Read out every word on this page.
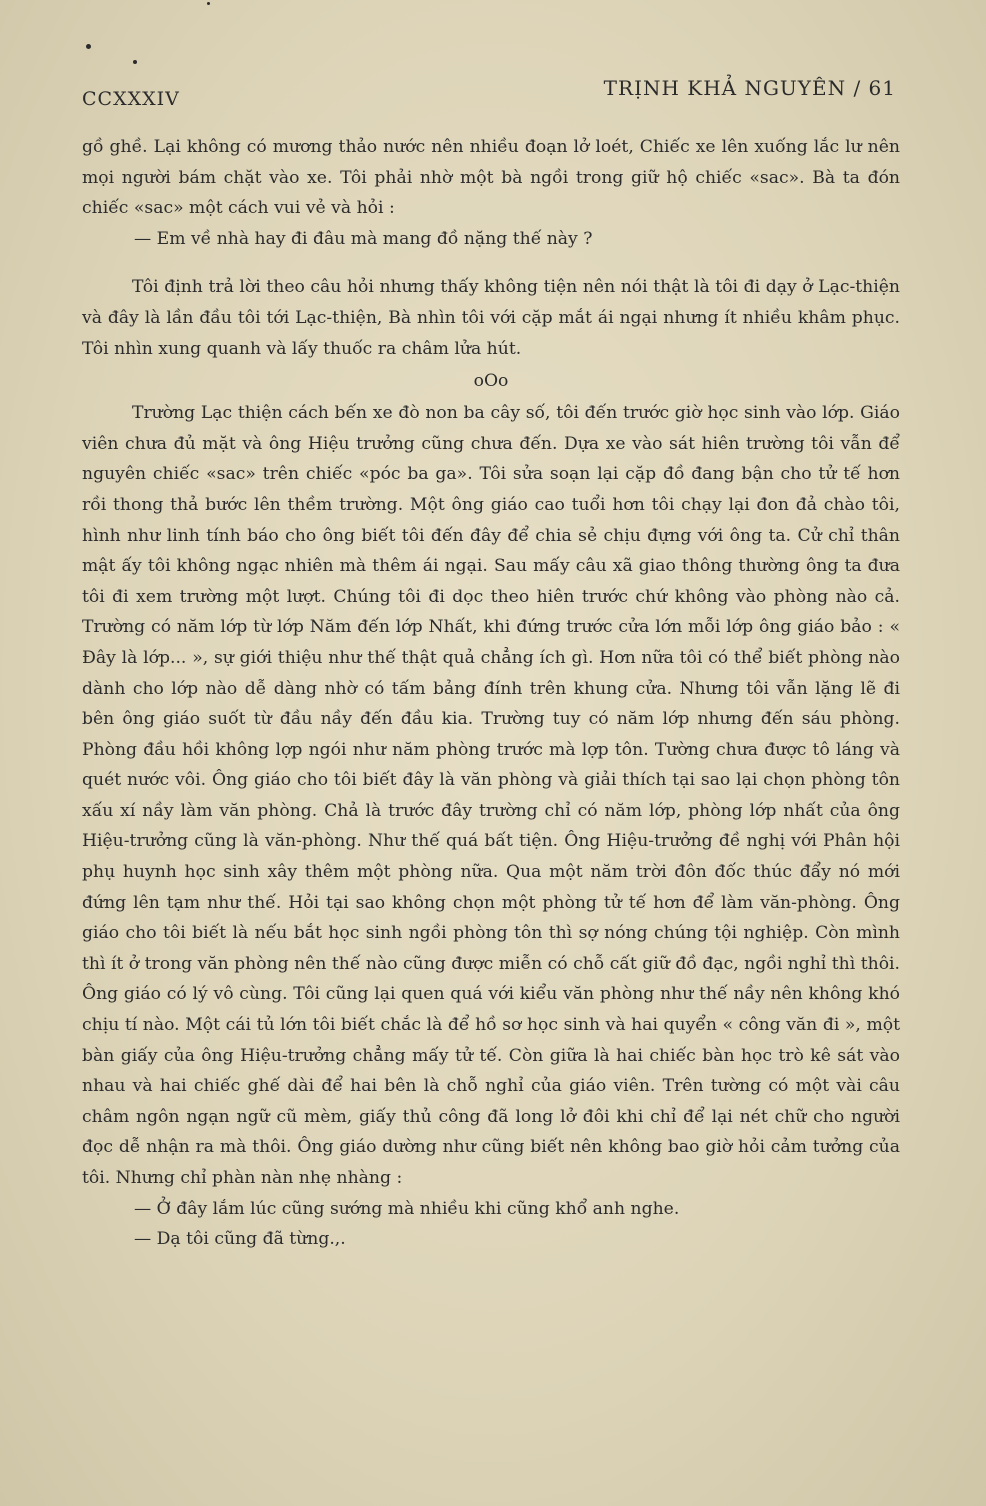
CCXXXIV	TRỊNH KHẢ NGUYÊN / 61

gồ ghề. Lại không có mương thảo nước nên nhiều đoạn lở loét, Chiếc xe lên xuống lắc lư nên mọi người bám chặt vào xe. Tôi phải nhờ một bà ngồi trong giữ hộ chiếc «sac». Bà ta đón chiếc «sac» một cách vui vẻ và hỏi :

— Em về nhà hay đi đâu mà mang đồ nặng thế này ?

Tôi định trả lời theo câu hỏi nhưng thấy không tiện nên nói thật là tôi đi dạy ở Lạc-thiện và đây là lần đầu tôi tới Lạc-thiện, Bà nhìn tôi với cặp mắt ái ngại nhưng ít nhiều khâm phục. Tôi nhìn xung quanh và lấy thuốc ra châm lửa hút.

oOo

Trường Lạc thiện cách bến xe đò non ba cây số, tôi đến trước giờ học sinh vào lớp. Giáo viên chưa đủ mặt và ông Hiệu trưởng cũng chưa đến. Dựa xe vào sát hiên trường tôi vẫn để nguyên chiếc «sac» trên chiếc «póc ba ga». Tôi sửa soạn lại cặp đồ đang bận cho tử tế hơn rồi thong thả bước lên thềm trường. Một ông giáo cao tuổi hơn tôi chạy lại đon đả chào tôi, hình như linh tính báo cho ông biết tôi đến đây để chia sẻ chịu đựng với ông ta. Cử chỉ thân mật ấy tôi không ngạc nhiên mà thêm ái ngại. Sau mấy câu xã giao thông thường ông ta đưa tôi đi xem trường một lượt. Chúng tôi đi dọc theo hiên trước chứ không vào phòng nào cả. Trường có năm lớp từ lớp Năm đến lớp Nhất, khi đứng trước cửa lớn mỗi lớp ông giáo bảo : « Đây là lớp... », sự giới thiệu như thế thật quả chẳng ích gì. Hơn nữa tôi có thể biết phòng nào dành cho lớp nào dễ dàng nhờ có tấm bảng đính trên khung cửa. Nhưng tôi vẫn lặng lẽ đi bên ông giáo suốt từ đầu nầy đến đầu kia. Trường tuy có năm lớp nhưng đến sáu phòng. Phòng đầu hồi không lợp ngói như năm phòng trước mà lợp tôn. Tường chưa được tô láng và quét nước vôi. Ông giáo cho tôi biết đây là văn phòng và giải thích tại sao lại chọn phòng tôn xấu xí nầy làm văn phòng. Chả là trước đây trường chỉ có năm lớp, phòng lớp nhất của ông Hiệu-trưởng cũng là văn-phòng. Như thế quá bất tiện. Ông Hiệu-trưởng đề nghị với Phân hội phụ huynh học sinh xây thêm một phòng nữa. Qua một năm trời đôn đốc thúc đẩy nó mới đứng lên tạm như thế. Hỏi tại sao không chọn một phòng tử tế hơn để làm văn-phòng. Ông giáo cho tôi biết là nếu bắt học sinh ngồi phòng tôn thì sợ nóng chúng tội nghiệp. Còn mình thì ít ở trong văn phòng nên thế nào cũng được miễn có chỗ cất giữ đồ đạc, ngồi nghỉ thì thôi. Ông giáo có lý vô cùng. Tôi cũng lại quen quá với kiểu văn phòng như thế nầy nên không khó chịu tí nào. Một cái tủ lớn tôi biết chắc là để hồ sơ học sinh và hai quyển « công văn đi », một bàn giấy của ông Hiệu-trưởng chẳng mấy tử tế. Còn giữa là hai chiếc bàn học trò kê sát vào nhau và hai chiếc ghế dài để hai bên là chỗ nghỉ của giáo viên. Trên tường có một vài câu châm ngôn ngạn ngữ cũ mèm, giấy thủ công đã long lở đôi khi chỉ để lại nét chữ cho người đọc dễ nhận ra mà thôi. Ông giáo dường như cũng biết nên không bao giờ hỏi cảm tưởng của tôi. Nhưng chỉ phàn nàn nhẹ nhàng :

— Ở đây lắm lúc cũng sướng mà nhiều khi cũng khổ anh nghe.

— Dạ tôi cũng đã từng.,.
